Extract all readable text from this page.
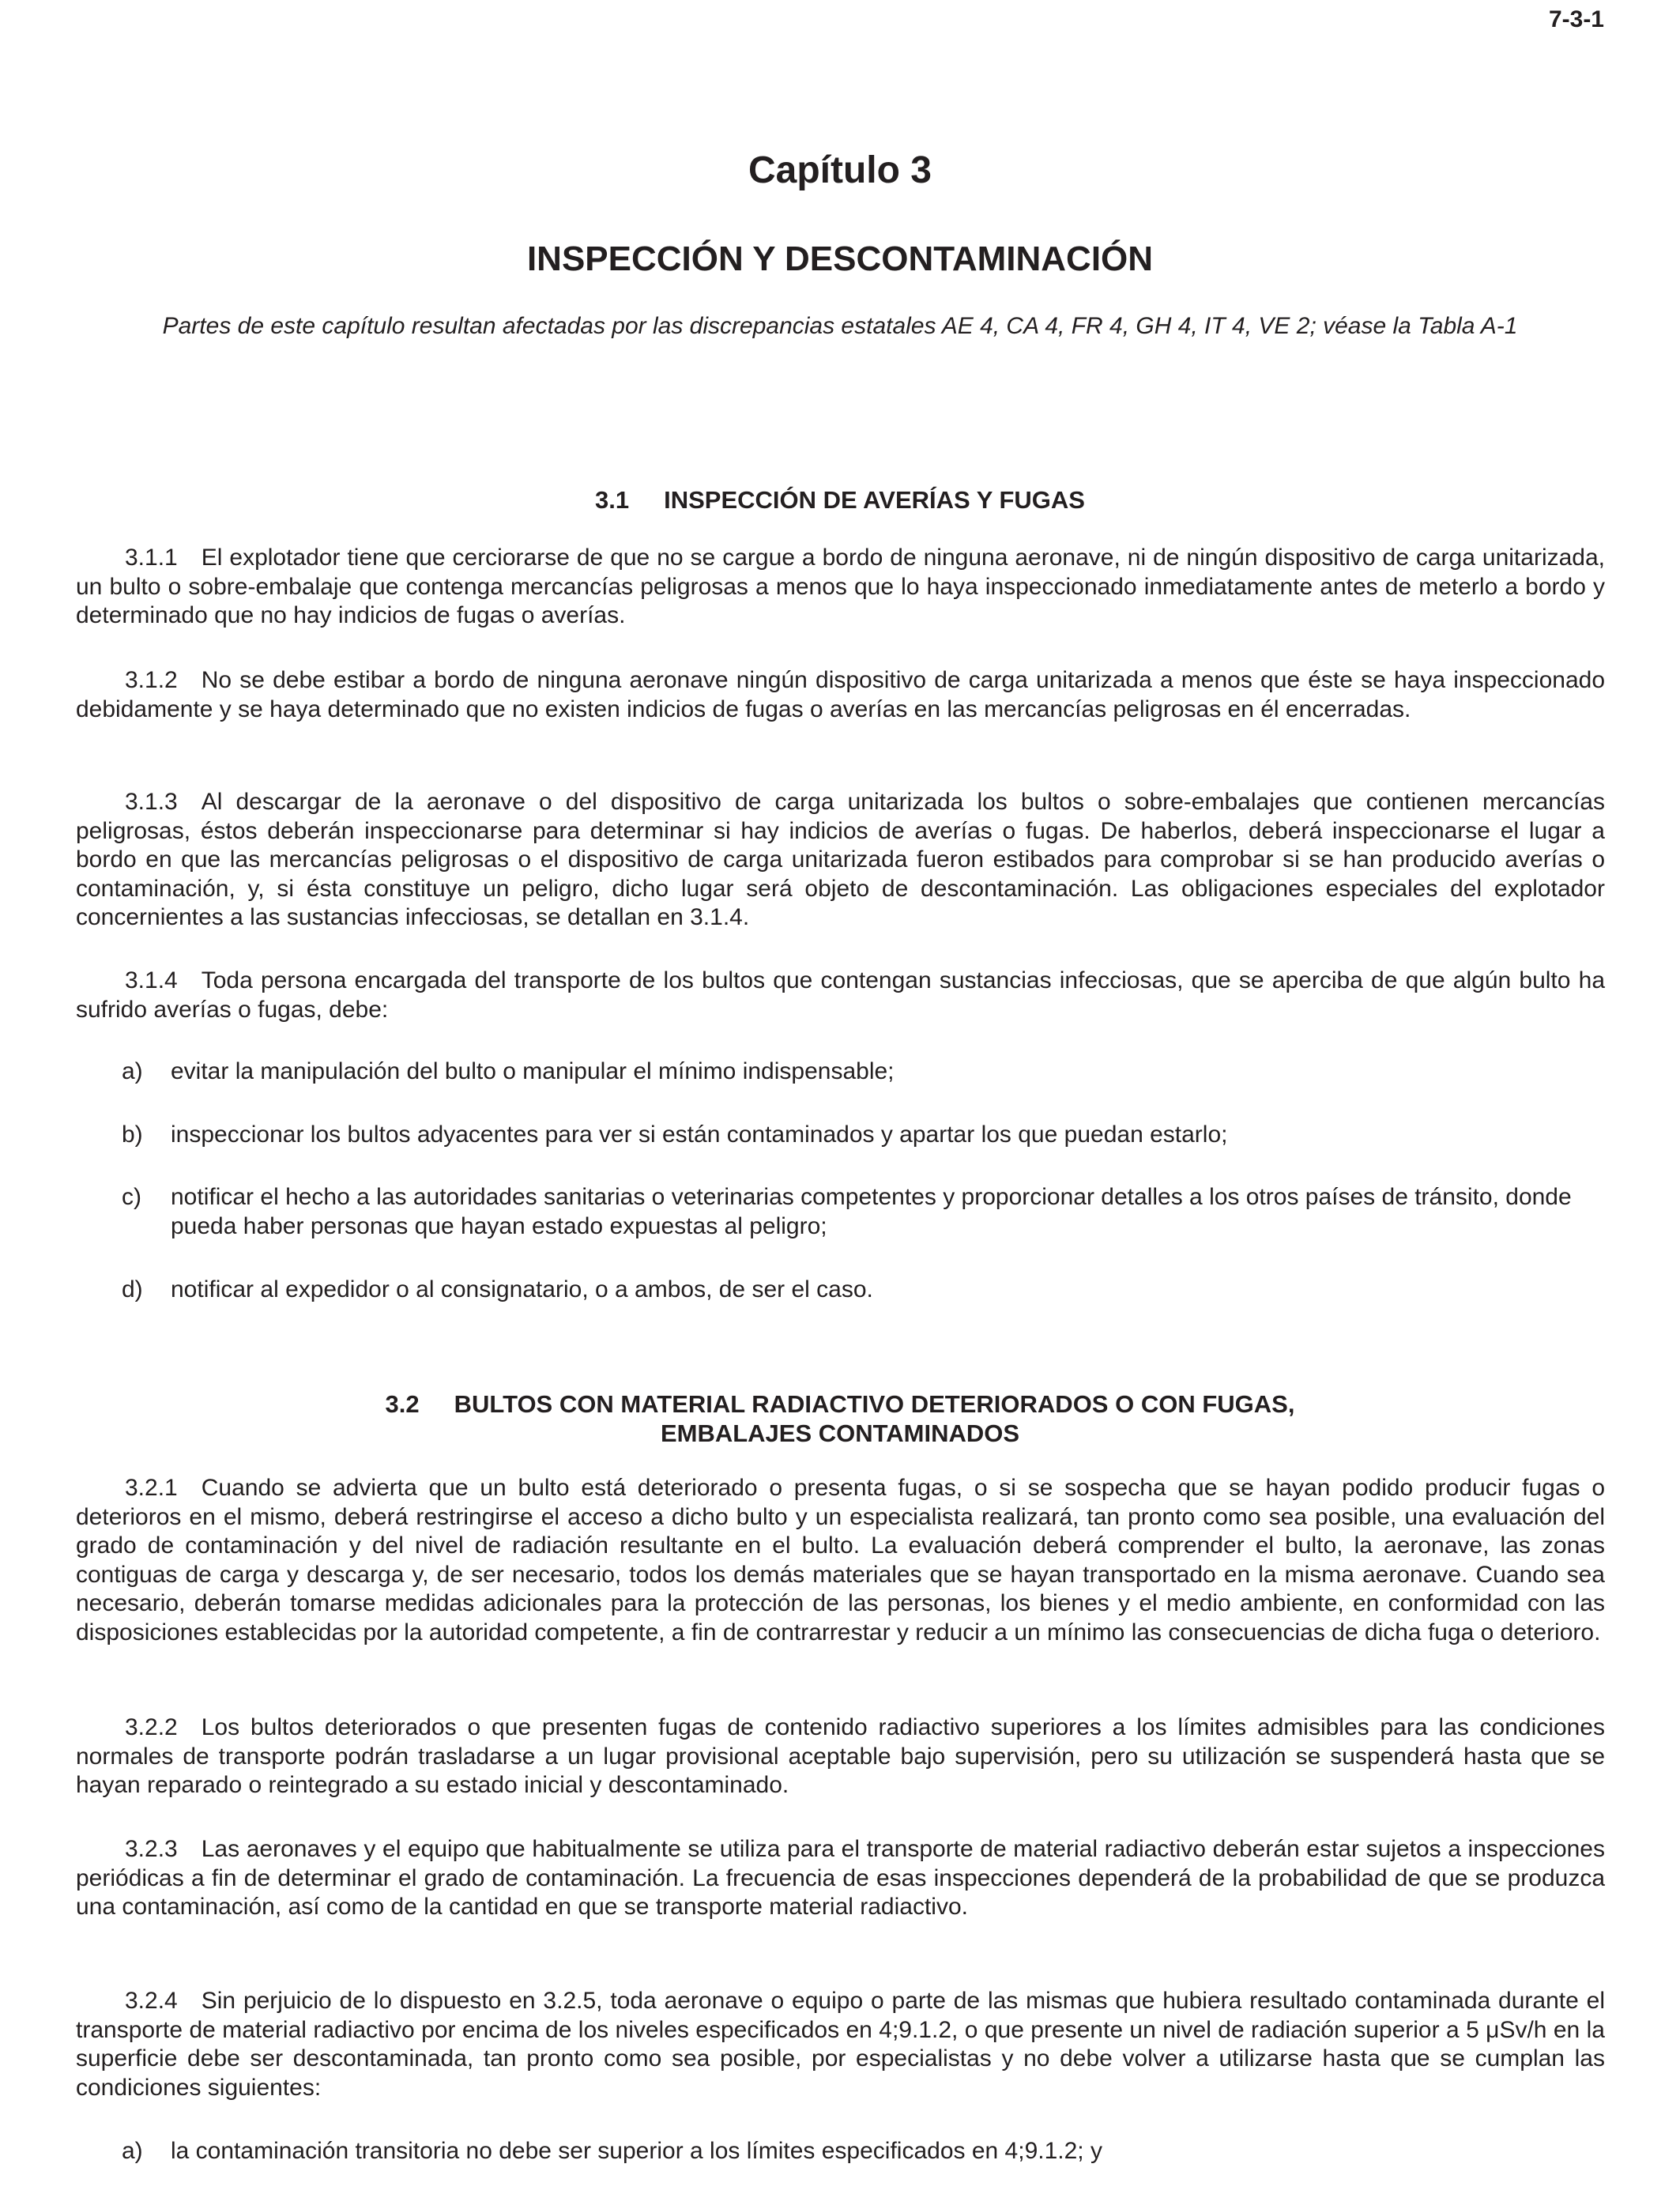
7-3-1
Capítulo 3
INSPECCIÓN Y DESCONTAMINACIÓN

Partes de este capítulo resultan afectadas por las discrepancias estatales AE 4, CA 4, FR 4, GH 4, IT 4, VE 2; véase la Tabla A-1

3.1 INSPECCIÓN DE AVERÍAS Y FUGAS

3.1.1 El explotador tiene que cerciorarse de que no se cargue a bordo de ninguna aeronave, ni de ningún dispositivo de carga unitarizada, un bulto o sobre-embalaje que contenga mercancías peligrosas a menos que lo haya inspeccionado inmediatamente antes de meterlo a bordo y determinado que no hay indicios de fugas o averías.

3.1.2 No se debe estibar a bordo de ninguna aeronave ningún dispositivo de carga unitarizada a menos que éste se haya inspeccionado debidamente y se haya determinado que no existen indicios de fugas o averías en las mercancías peligrosas en él encerradas.

3.1.3 Al descargar de la aeronave o del dispositivo de carga unitarizada los bultos o sobre-embalajes que contienen mercancías peligrosas, éstos deberán inspeccionarse para determinar si hay indicios de averías o fugas. De haberlos, deberá inspeccionarse el lugar a bordo en que las mercancías peligrosas o el dispositivo de carga unitarizada fueron estibados para comprobar si se han producido averías o contaminación, y, si ésta constituye un peligro, dicho lugar será objeto de descontaminación. Las obligaciones especiales del explotador concernientes a las sustancias infecciosas, se detallan en 3.1.4.

3.1.4 Toda persona encargada del transporte de los bultos que contengan sustancias infecciosas, que se aperciba de que algún bulto ha sufrido averías o fugas, debe:

a) evitar la manipulación del bulto o manipular el mínimo indispensable;
b) inspeccionar los bultos adyacentes para ver si están contaminados y apartar los que puedan estarlo;
c) notificar el hecho a las autoridades sanitarias o veterinarias competentes y proporcionar detalles a los otros países de tránsito, donde pueda haber personas que hayan estado expuestas al peligro;
d) notificar al expedidor o al consignatario, o a ambos, de ser el caso.
3.2 BULTOS CON MATERIAL RADIACTIVO DETERIORADOS O CON FUGAS,
EMBALAJES CONTAMINADOS

3.2.1 Cuando se advierta que un bulto está deteriorado o presenta fugas, o si se sospecha que se hayan podido producir fugas o deterioros en el mismo, deberá restringirse el acceso a dicho bulto y un especialista realizará, tan pronto como sea posible, una evaluación del grado de contaminación y del nivel de radiación resultante en el bulto. La evaluación deberá comprender el bulto, la aeronave, las zonas contiguas de carga y descarga y, de ser necesario, todos los demás materiales que se hayan transportado en la misma aeronave. Cuando sea necesario, deberán tomarse medidas adicionales para la protección de las personas, los bienes y el medio ambiente, en conformidad con las disposiciones establecidas por la autoridad competente, a fin de contrarrestar y reducir a un mínimo las consecuencias de dicha fuga o deterioro.

3.2.2 Los bultos deteriorados o que presenten fugas de contenido radiactivo superiores a los límites admisibles para las condiciones normales de transporte podrán trasladarse a un lugar provisional aceptable bajo supervisión, pero su utilización se suspenderá hasta que se hayan reparado o reintegrado a su estado inicial y descontaminado.

3.2.3 Las aeronaves y el equipo que habitualmente se utiliza para el transporte de material radiactivo deberán estar sujetos a inspecciones periódicas a fin de determinar el grado de contaminación. La frecuencia de esas inspecciones dependerá de la probabilidad de que se produzca una contaminación, así como de la cantidad en que se transporte material radiactivo.

3.2.4 Sin perjuicio de lo dispuesto en 3.2.5, toda aeronave o equipo o parte de las mismas que hubiera resultado contaminada durante el transporte de material radiactivo por encima de los niveles especificados en 4;9.1.2, o que presente un nivel de radiación superior a 5 μSv/h en la superficie debe ser descontaminada, tan pronto como sea posible, por especialistas y no debe volver a utilizarse hasta que se cumplan las condiciones siguientes:

a) la contaminación transitoria no debe ser superior a los límites especificados en 4;9.1.2; y
